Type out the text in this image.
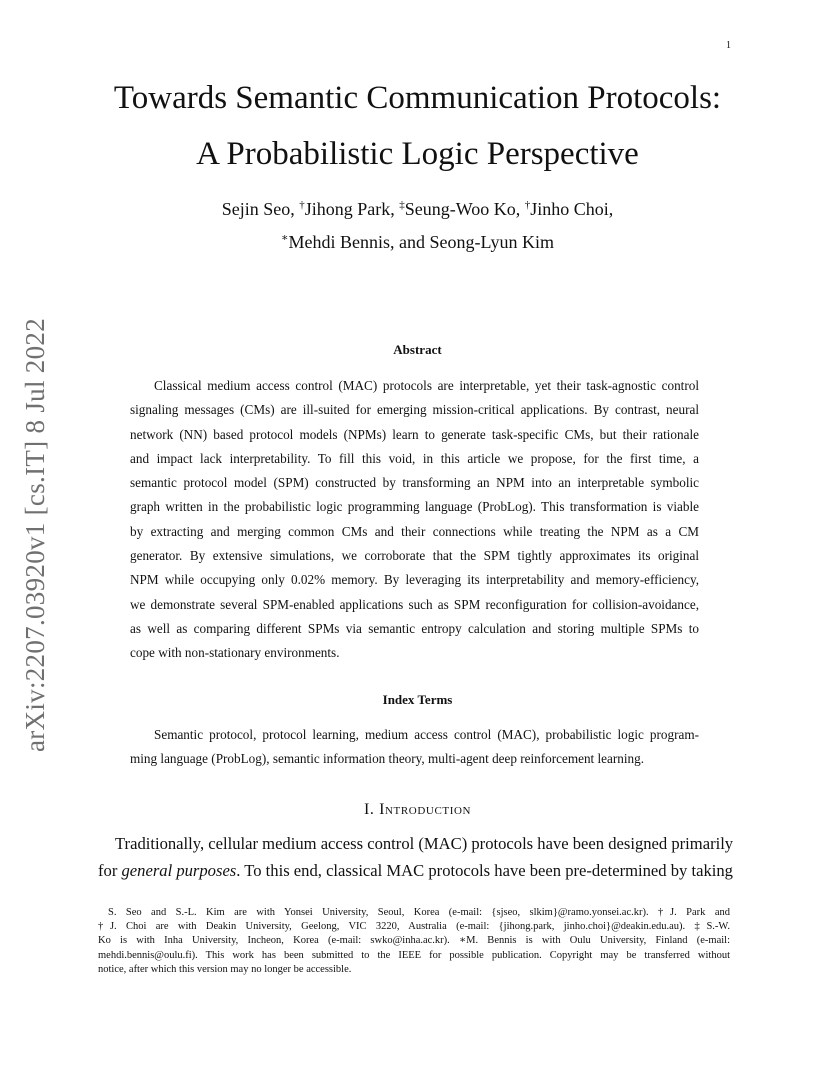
1
arXiv:2207.03920v1 [cs.IT] 8 Jul 2022
Towards Semantic Communication Protocols:
A Probabilistic Logic Perspective
Sejin Seo, †Jihong Park, ‡Seung-Woo Ko, †Jinho Choi,
∗Mehdi Bennis, and Seong-Lyun Kim
Abstract
Classical medium access control (MAC) protocols are interpretable, yet their task-agnostic control
signaling messages (CMs) are ill-suited for emerging mission-critical applications. By contrast, neural
network (NN) based protocol models (NPMs) learn to generate task-specific CMs, but their rationale
and impact lack interpretability. To fill this void, in this article we propose, for the first time, a
semantic protocol model (SPM) constructed by transforming an NPM into an interpretable symbolic
graph written in the probabilistic logic programming language (ProbLog). This transformation is viable
by extracting and merging common CMs and their connections while treating the NPM as a CM
generator. By extensive simulations, we corroborate that the SPM tightly approximates its original
NPM while occupying only 0.02% memory. By leveraging its interpretability and memory-efficiency,
we demonstrate several SPM-enabled applications such as SPM reconfiguration for collision-avoidance,
as well as comparing different SPMs via semantic entropy calculation and storing multiple SPMs to
cope with non-stationary environments.
Index Terms
Semantic protocol, protocol learning, medium access control (MAC), probabilistic logic program-
ming language (ProbLog), semantic information theory, multi-agent deep reinforcement learning.
I. Introduction
Traditionally, cellular medium access control (MAC) protocols have been designed primarily
for general purposes. To this end, classical MAC protocols have been pre-determined by taking
S. Seo and S.-L. Kim are with Yonsei University, Seoul, Korea (e-mail: {sjseo, slkim}@ramo.yonsei.ac.kr). †J. Park and
†J. Choi are with Deakin University, Geelong, VIC 3220, Australia (e-mail: {jihong.park, jinho.choi}@deakin.edu.au). ‡S.-W.
Ko is with Inha University, Incheon, Korea (e-mail: swko@inha.ac.kr). ∗M. Bennis is with Oulu University, Finland (e-mail:
mehdi.bennis@oulu.fi). This work has been submitted to the IEEE for possible publication. Copyright may be transferred without
notice, after which this version may no longer be accessible.
